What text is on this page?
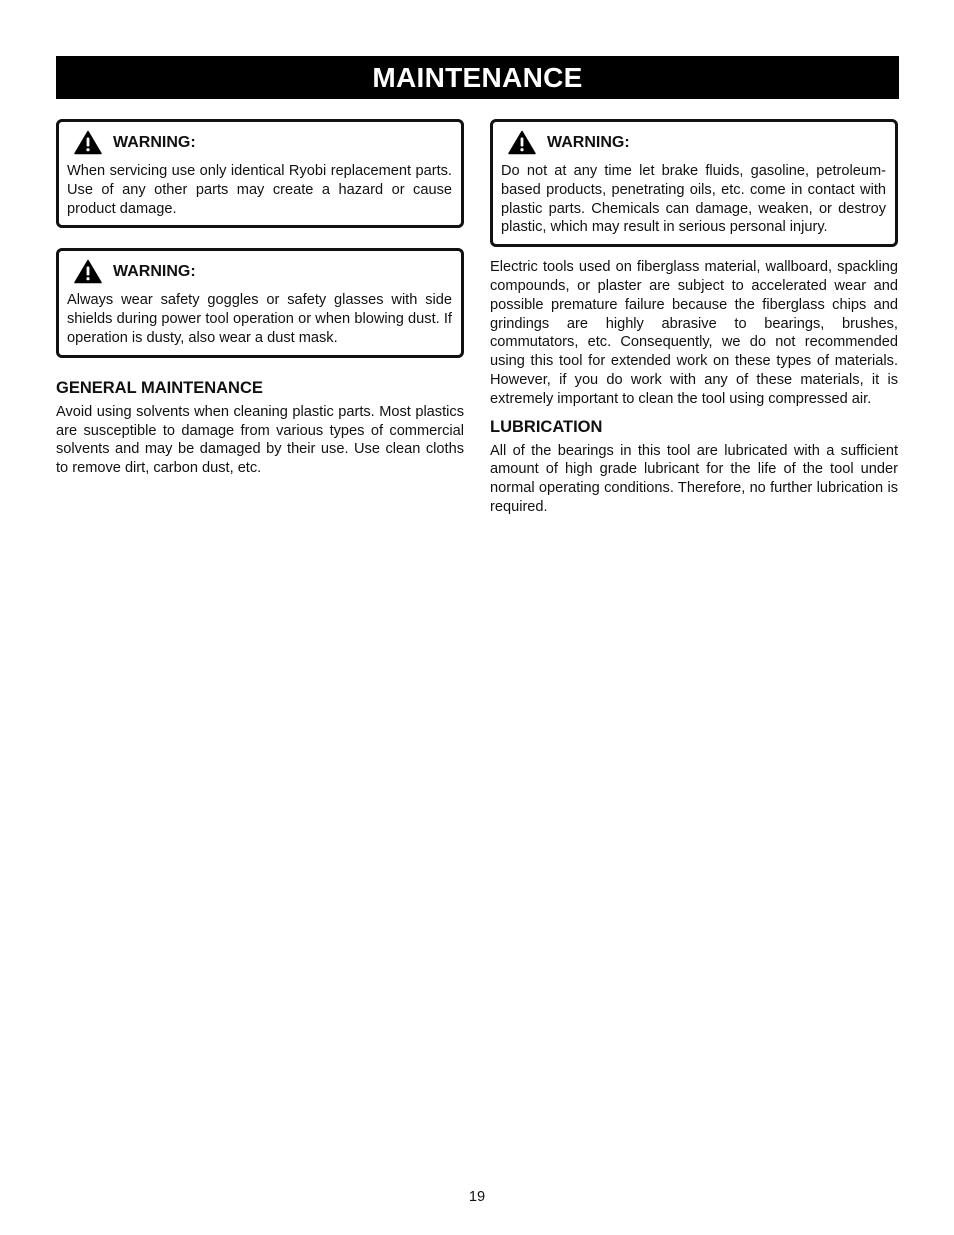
MAINTENANCE
WARNING:

When servicing use only identical Ryobi replacement parts. Use of any other parts may create a hazard or cause product damage.

WARNING:

Always wear safety goggles or safety glasses with side shields during power tool operation or when blowing dust. If operation is dusty, also wear a dust mask.

GENERAL MAINTENANCE

Avoid using solvents when cleaning plastic parts. Most plastics are susceptible to damage from various types of commercial solvents and may be damaged by their use. Use clean cloths to remove dirt, carbon dust, etc.

WARNING:

Do not at any time let brake fluids, gasoline, petroleum-based products, penetrating oils, etc. come in contact with plastic parts. Chemicals can damage, weaken, or destroy plastic, which may result in serious personal injury.

Electric tools used on fiberglass material, wallboard, spackling compounds, or plaster are subject to accelerated wear and possible premature failure because the fiberglass chips and grindings are highly abrasive to bearings, brushes, commutators, etc. Consequently, we do not recommended using this tool for extended work on these types of materials. However, if you do work with any of these materials, it is extremely important to clean the tool using compressed air.

LUBRICATION

All of the bearings in this tool are lubricated with a sufficient amount of high grade lubricant for the life of the tool under normal operating conditions. Therefore, no further lubrication is required.

19
